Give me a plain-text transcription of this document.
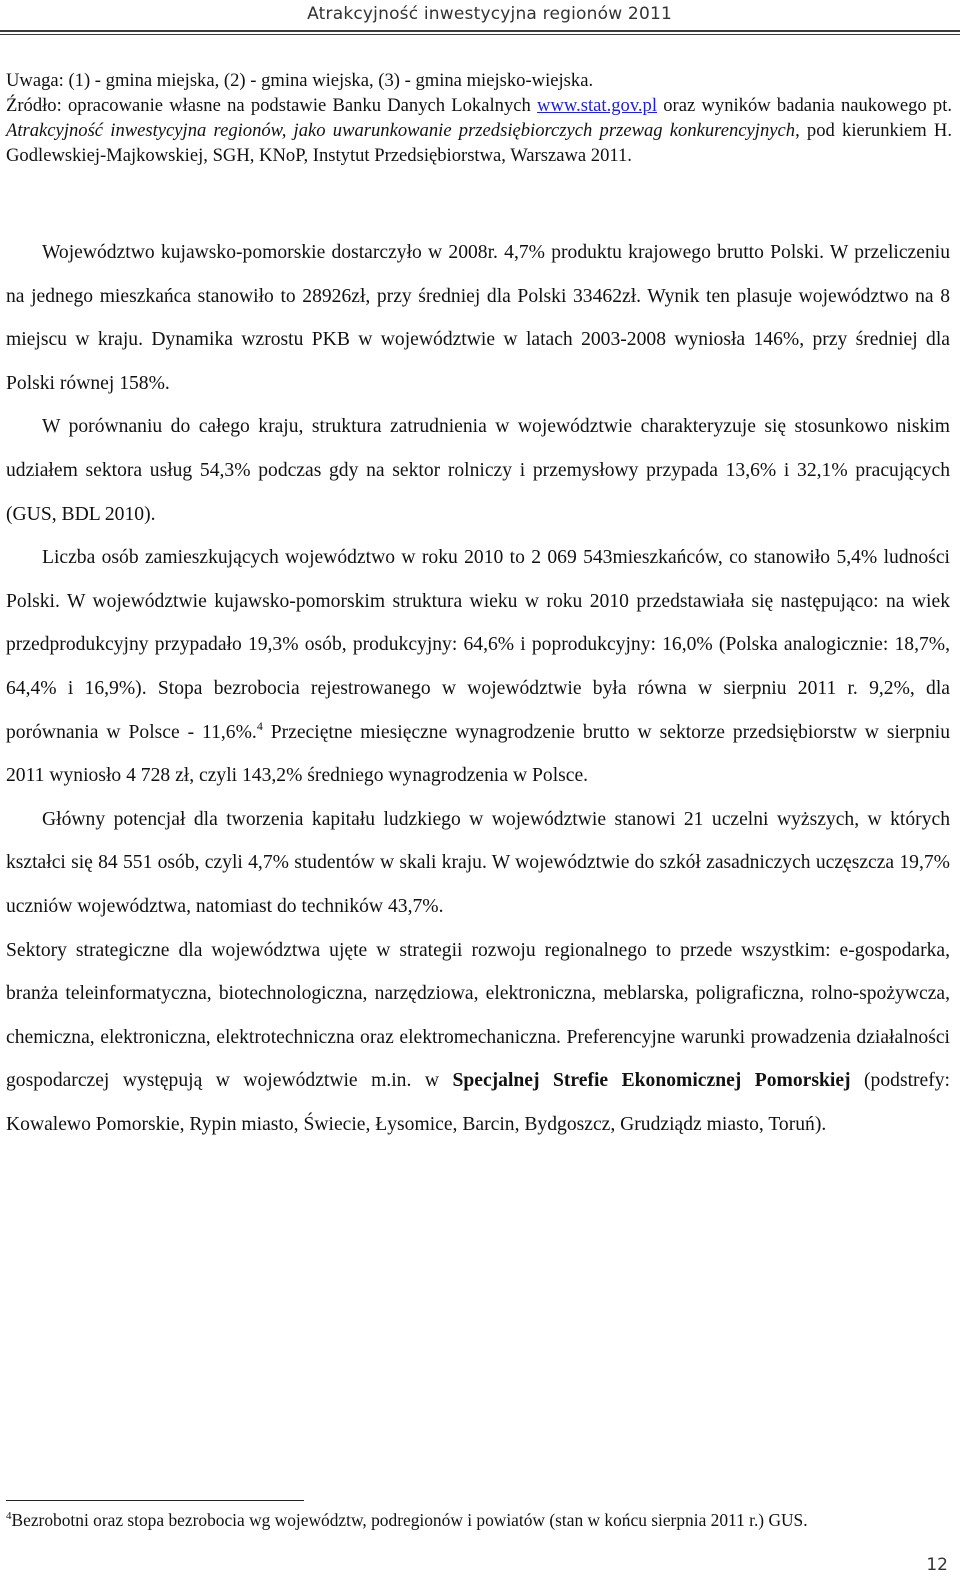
Atrakcyjność inwestycyjna regionów 2011

Uwaga: (1) - gmina miejska, (2) - gmina wiejska, (3) - gmina miejsko-wiejska.

Źródło: opracowanie własne na podstawie Banku Danych Lokalnych www.stat.gov.pl oraz wyników badania naukowego pt. Atrakcyjność inwestycyjna regionów, jako uwarunkowanie przedsiębiorczych przewag konkurencyjnych, pod kierunkiem H. Godlewskiej-Majkowskiej, SGH, KNoP, Instytut Przedsiębiorstwa, Warszawa 2011.

Województwo kujawsko-pomorskie dostarczyło w 2008r. 4,7% produktu krajowego brutto Polski. W przeliczeniu na jednego mieszkańca stanowiło to 28926zł, przy średniej dla Polski 33462zł. Wynik ten plasuje województwo na 8 miejscu w kraju. Dynamika wzrostu PKB w województwie w latach 2003-2008 wyniosła 146%, przy średniej dla Polski równej 158%.

W porównaniu do całego kraju, struktura zatrudnienia w województwie charakteryzuje się stosunkowo niskim udziałem sektora usług 54,3% podczas gdy na sektor rolniczy i przemysłowy przypada 13,6% i 32,1% pracujących (GUS, BDL 2010).

Liczba osób zamieszkujących województwo w roku 2010 to 2 069 543mieszkańców, co stanowiło 5,4% ludności Polski. W województwie kujawsko-pomorskim struktura wieku w roku 2010 przedstawiała się następująco: na wiek przedprodukcyjny przypadało 19,3% osób, produkcyjny: 64,6% i poprodukcyjny: 16,0% (Polska analogicznie: 18,7%, 64,4% i 16,9%). Stopa bezrobocia rejestrowanego w województwie była równa w sierpniu 2011 r. 9,2%, dla porównania w Polsce - 11,6%.$^4$ Przeciętne miesięczne wynagrodzenie brutto w sektorze przedsiębiorstw w sierpniu 2011 wyniosło 4 728 zł, czyli 143,2% średniego wynagrodzenia w Polsce.

Główny potencjał dla tworzenia kapitału ludzkiego w województwie stanowi 21 uczelni wyższych, w których kształci się 84 551 osób, czyli 4,7% studentów w skali kraju. W województwie do szkół zasadniczych uczęszcza 19,7% uczniów województwa, natomiast do techników 43,7%.

Sektory strategiczne dla województwa ujęte w strategii rozwoju regionalnego to przede wszystkim: e-gospodarka, branża teleinformatyczna, biotechnologiczna, narzędziowa, elektroniczna, meblarska, poligraficzna, rolno-spożywcza, chemiczna, elektroniczna, elektrotechniczna oraz elektromechaniczna. Preferencyjne warunki prowadzenia działalności gospodarczej występują w województwie m.in. w Specjalnej Strefie Ekonomicznej Pomorskiej (podstrefy: Kowalewo Pomorskie, Rypin miasto, Świecie, Łysomice, Barcin, Bydgoszcz, Grudziądz miasto, Toruń).

$^4$Bezrobotni oraz stopa bezrobocia wg województw, podregionów i powiatów (stan w końcu sierpnia 2011 r.) GUS.
12
